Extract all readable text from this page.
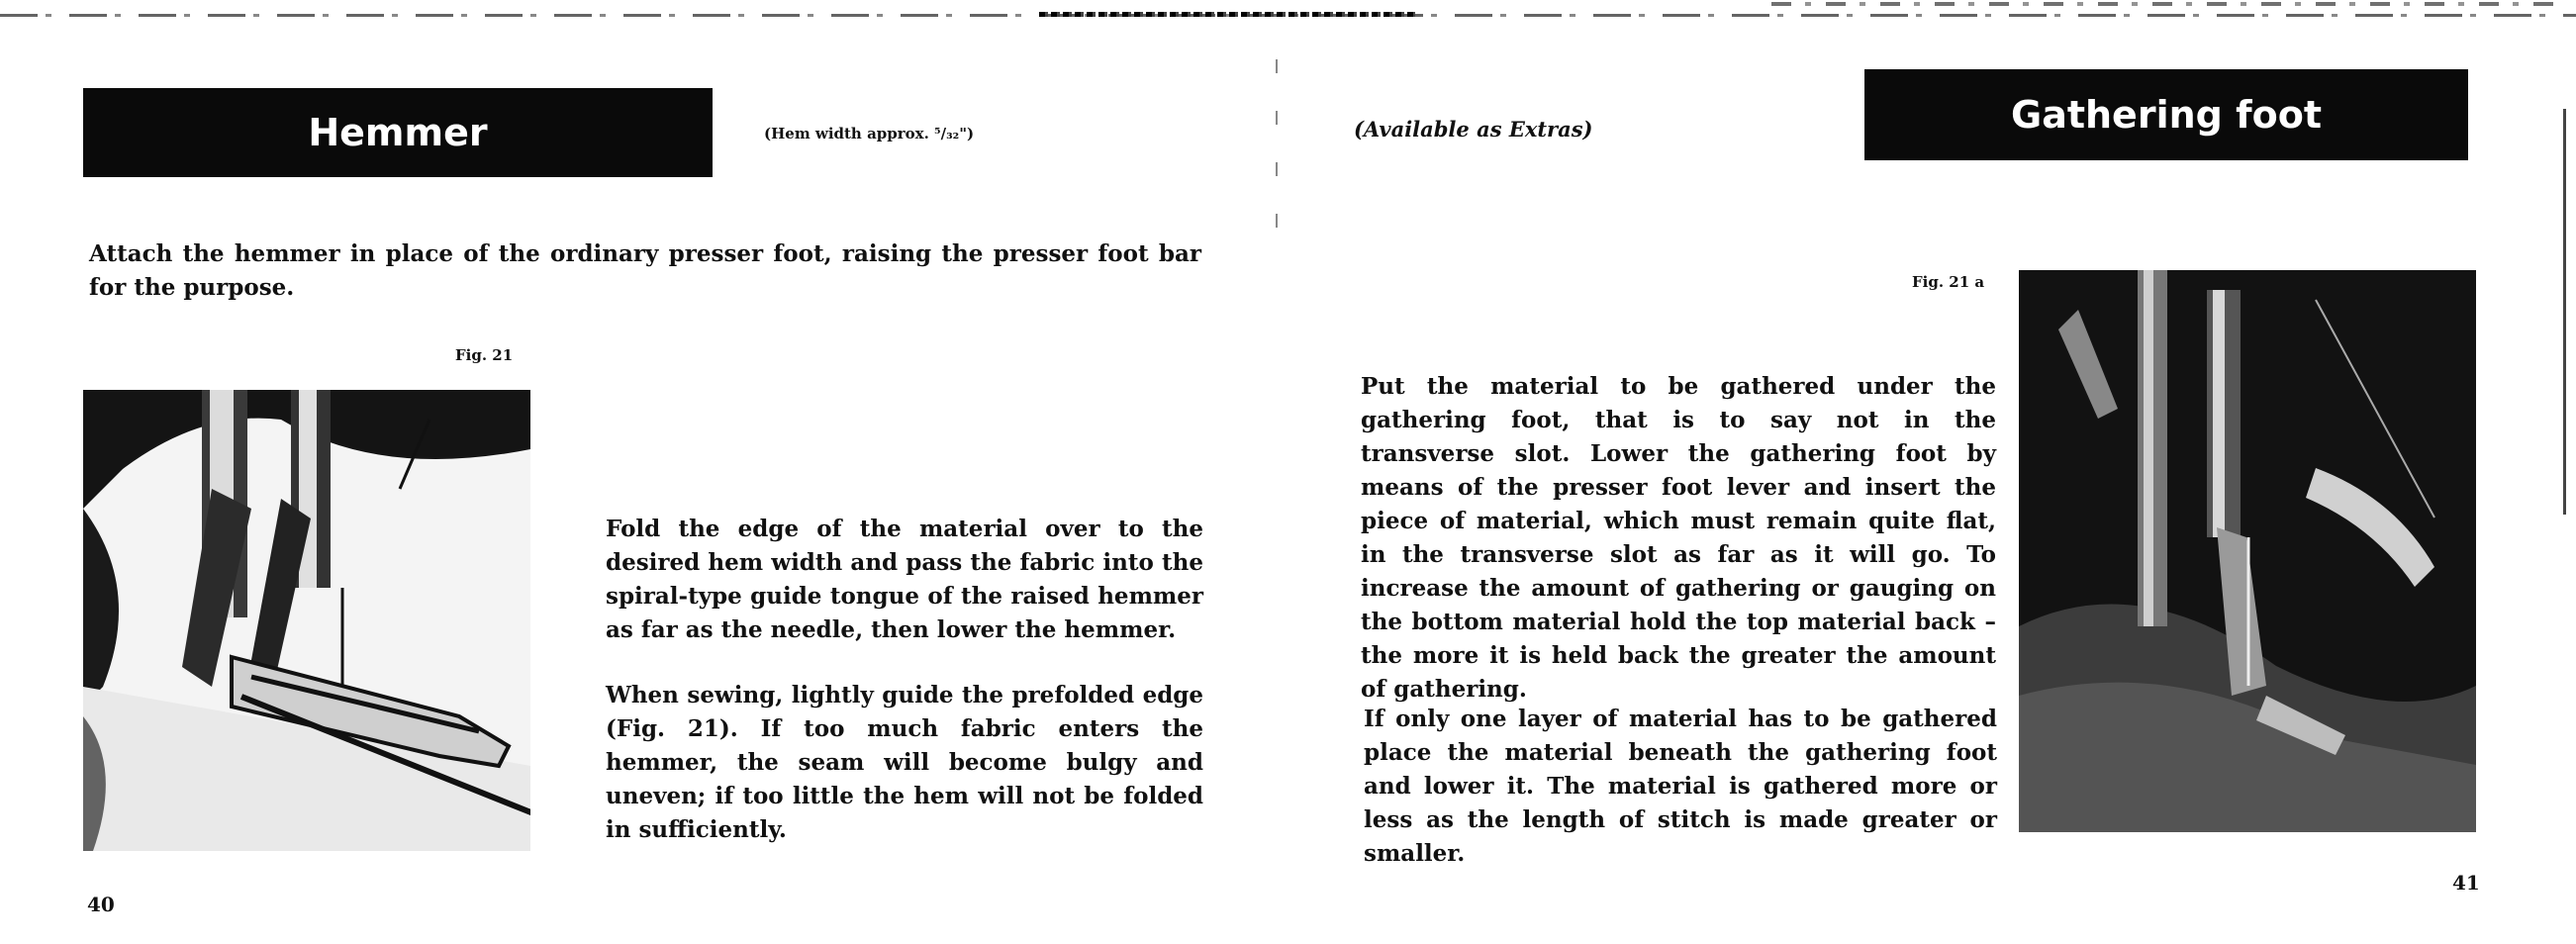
Hemmer	(Hem width approx. ⁵/₃₂")
Attach the hemmer in place of the ordinary presser foot, raising the presser foot bar for the purpose.
Fig. 21
Fold the edge of the material over to the desired hem width and pass the fabric into the spiral-type guide tongue of the raised hemmer as far as the needle, then lower the hemmer.
When sewing, lightly guide the prefolded edge (Fig. 21). If too much fabric enters the hemmer, the seam will become bulgy and uneven; if too little the hem will not be folded in sufficiently.
40
(Available as Extras)	Gathering foot
Fig. 21 a
Put the material to be gathered under the gathering foot, that is to say not in the transverse slot. Lower the gathering foot by means of the presser foot lever and insert the piece of material, which must remain quite flat, in the transverse slot as far as it will go. To increase the amount of gathering or gauging on the bottom material hold the top material back – the more it is held back the greater the amount of gathering.
If only one layer of material has to be gathered place the material beneath the gathering foot and lower it. The material is gathered more or less as the length of stitch is made greater or smaller.
41
